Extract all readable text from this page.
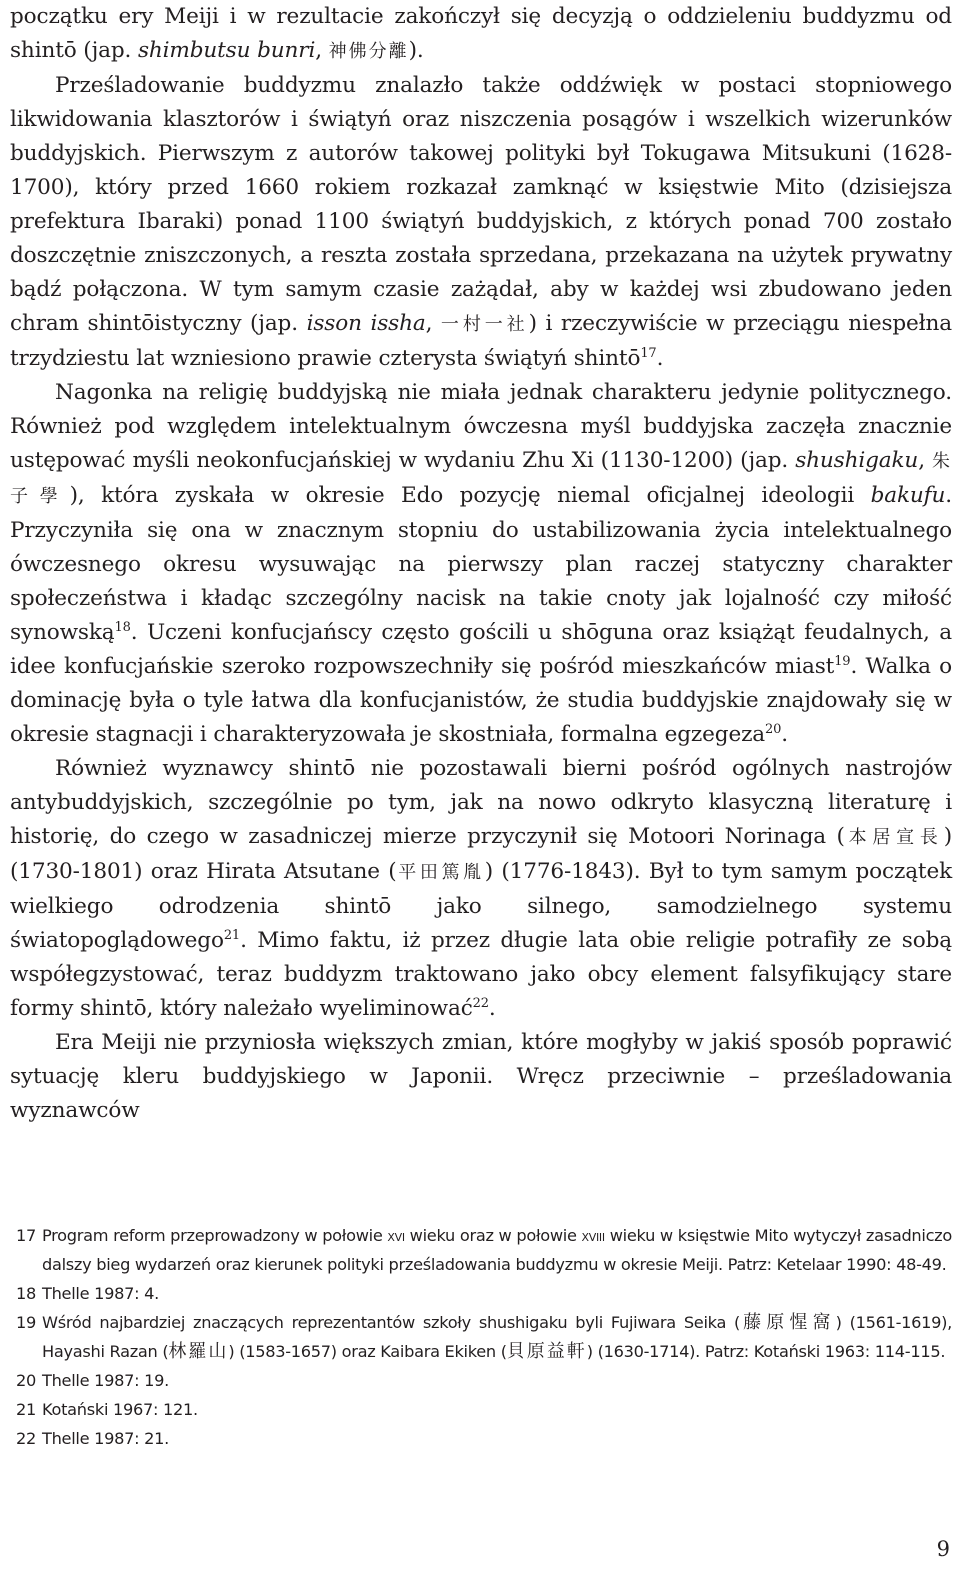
początku ery Meiji i w rezultacie zakończył się decyzją o oddzieleniu buddyzmu od shintō (jap. shimbutsu bunri, 神佛分離).

Prześladowanie buddyzmu znalazło także oddźwięk w postaci stopniowego likwidowania klasztorów i świątyń oraz niszczenia posągów i wszelkich wizerunków buddyjskich. Pierwszym z autorów takowej polityki był Tokugawa Mitsukuni (1628-1700), który przed 1660 rokiem rozkazał zamknąć w księstwie Mito (dzisiejsza prefektura Ibaraki) ponad 1100 świątyń buddyjskich, z których ponad 700 zostało doszczętnie zniszczonych, a reszta została sprzedana, przekazana na użytek prywatny bądź połączona. W tym samym czasie zażądał, aby w każdej wsi zbudowano jeden chram shintōistyczny (jap. isson issha, 一村一社) i rzeczywiście w przeciągu niespełna trzydziestu lat wzniesiono prawie czterysta świątyń shintō$^{17}$.

Nagonka na religię buddyjską nie miała jednak charakteru jedynie politycznego. Również pod względem intelektualnym ówczesna myśl buddyjska zaczęła znacznie ustępować myśli neokonfucjańskiej w wydaniu Zhu Xi (1130-1200) (jap. shushigaku, 朱子學), która zyskała w okresie Edo pozycję niemal oficjalnej ideologii bakufu. Przyczyniła się ona w znacznym stopniu do ustabilizowania życia intelektualnego ówczesnego okresu wysuwając na pierwszy plan raczej statyczny charakter społeczeństwa i kładąc szczególny nacisk na takie cnoty jak lojalność czy miłość synowską$^{18}$. Uczeni konfucjańscy często gościli u shōguna oraz książąt feudalnych, a idee konfucjańskie szeroko rozpowszechniły się pośród mieszkańców miast$^{19}$. Walka o dominację była o tyle łatwa dla konfucjanistów, że studia buddyjskie znajdowały się w okresie stagnacji i charakteryzowała je skostniała, formalna egzegeza$^{20}$.

Również wyznawcy shintō nie pozostawali bierni pośród ogólnych nastrojów antybuddyjskich, szczególnie po tym, jak na nowo odkryto klasyczną literaturę i historię, do czego w zasadniczej mierze przyczynił się Motoori Norinaga (本居宣長) (1730-1801) oraz Hirata Atsutane (平田篤胤) (1776-1843). Był to tym samym początek wielkiego odrodzenia shintō jako silnego, samodzielnego systemu światopoglądowego$^{21}$. Mimo faktu, iż przez długie lata obie religie potrafiły ze sobą współegzystować, teraz buddyzm traktowano jako obcy element falsyfikujący stare formy shintō, który należało wyeliminować$^{22}$.

Era Meiji nie przyniosła większych zmian, które mogłyby w jakiś sposób poprawić sytuację kleru buddyjskiego w Japonii. Wręcz przeciwnie – prześladowania wyznawców

17 Program reform przeprowadzony w połowie xvi wieku oraz w połowie xviii wieku w księstwie Mito wytyczył zasadniczo dalszy bieg wydarzeń oraz kierunek polityki prześladowania buddyzmu w okresie Meiji. Patrz: Ketelaar 1990: 48-49.
18 Thelle 1987: 4.
19 Wśród najbardziej znaczących reprezentantów szkoły shushigaku byli Fujiwara Seika (藤原惺窩) (1561-1619), Hayashi Razan (林羅山) (1583-1657) oraz Kaibara Ekiken (貝原益軒) (1630-1714). Patrz: Kotański 1963: 114-115.
20 Thelle 1987: 19.
21 Kotański 1967: 121.
22 Thelle 1987: 21.
9
